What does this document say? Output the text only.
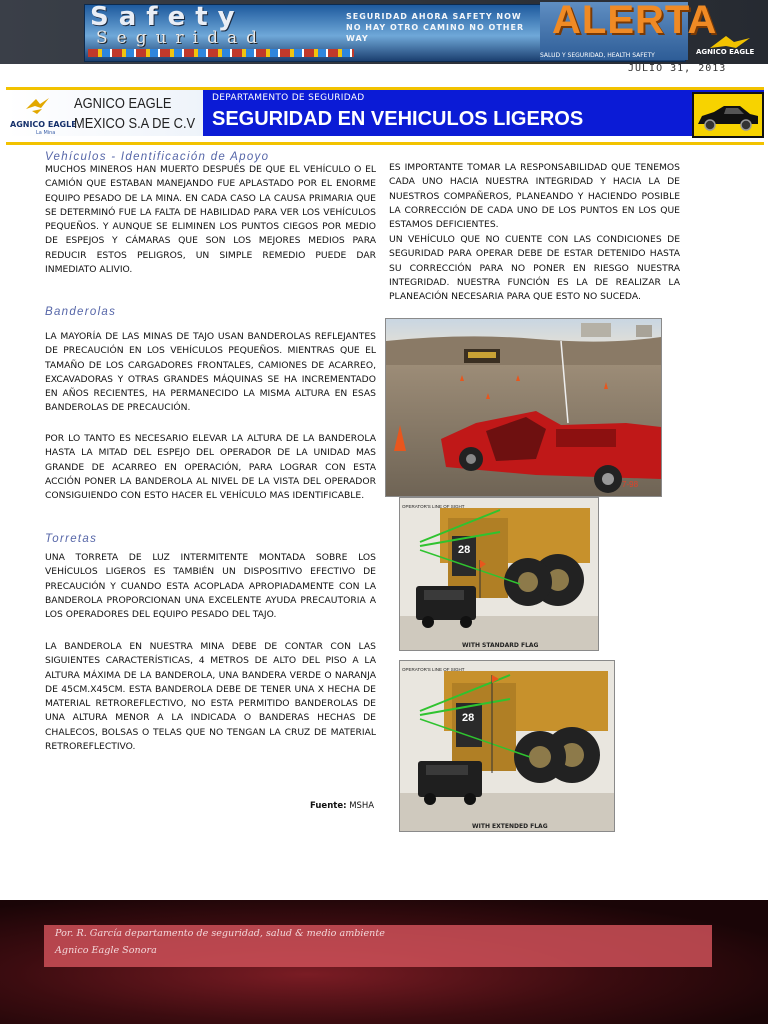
Safety
Seguridad
SEGURIDAD AHORA SAFETY NOW
NO HAY OTRO CAMINO NO OTHER WAY	ALERTA
SALUD Y SEGURIDAD, HEALTH SAFETY	AGNICO EAGLE
JULIO 31, 2013
AGNICO EAGLE
La Mina
AGNICO EAGLE
MEXICO S.A DE C.V
DEPARTAMENTO DE SEGURIDAD
SEGURIDAD EN VEHICULOS LIGEROS
Vehículos - Identificación de Apoyo
MUCHOS MINEROS HAN MUERTO DESPUÉS DE QUE EL VEHÍCULO O EL CAMIÓN QUE ESTABAN MANEJANDO FUE APLASTADO POR EL ENORME EQUIPO PESADO DE LA MINA. EN CADA CASO LA CAUSA PRIMARIA QUE SE DETERMINÓ FUE LA FALTA DE HABILIDAD PARA VER LOS VEHÍCULOS PEQUEÑOS. Y AUNQUE SE ELIMINEN LOS PUNTOS CIEGOS POR MEDIO DE ESPEJOS Y CÁMARAS QUE SON LOS MEJORES MEDIOS PARA REDUCIR ESTOS PELIGROS, UN SIMPLE REMEDIO PUEDE DAR INMEDIATO ALIVIO.
Banderolas
LA MAYORÍA DE LAS MINAS DE TAJO USAN BANDEROLAS REFLEJANTES DE PRECAUCIÓN EN LOS VEHÍCULOS PEQUEÑOS. MIENTRAS QUE EL TAMAÑO DE LOS CARGADORES FRONTALES, CAMIONES DE ACARREO, EXCAVADORAS Y OTRAS GRANDES MÁQUINAS SE HA INCREMENTADO EN AÑOS RECIENTES, HA PERMANECIDO LA MISMA ALTURA EN ESAS BANDEROLAS DE PRECAUCIÓN.
POR LO TANTO ES NECESARIO ELEVAR LA ALTURA DE LA BANDEROLA HASTA LA MITAD DEL ESPEJO DEL OPERADOR DE LA UNIDAD MAS GRANDE DE ACARREO EN OPERACIÓN, PARA LOGRAR CON ESTA ACCIÓN PONER LA BANDEROLA AL NIVEL DE LA VISTA DEL OPERADOR CONSIGUIENDO CON ESTO HACER EL VEHÍCULO MAS IDENTIFICABLE.
Torretas
UNA TORRETA DE LUZ INTERMITENTE MONTADA SOBRE LOS VEHÍCULOS LIGEROS ES TAMBIÉN UN DISPOSITIVO EFECTIVO DE PRECAUCIÓN Y CUANDO ESTA ACOPLADA APROPIADAMENTE CON LA BANDEROLA PROPORCIONAN UNA EXCELENTE AYUDA PRECAUTORIA A LOS OPERADORES DEL EQUIPO PESADO DEL TAJO.
LA BANDEROLA EN NUESTRA MINA DEBE DE CONTAR CON LAS SIGUIENTES CARACTERÍSTICAS, 4 METROS DE ALTO DEL PISO A LA ALTURA MÁXIMA DE LA BANDEROLA, UNA BANDERA VERDE O NARANJA DE 45CM.X45CM. ESTA BANDEROLA DEBE DE TENER UNA X HECHA DE MATERIAL RETROREFLECTIVO, NO ESTA PERMITIDO BANDEROLAS DE UNA ALTURA MENOR A LA INDICADA O BANDERAS HECHAS DE CHALECOS, BOLSAS O TELAS QUE NO TENGAN LA CRUZ DE MATERIAL RETROREFLECTIVO.
Fuente: MSHA
ES IMPORTANTE TOMAR LA RESPONSABILIDAD QUE TENEMOS CADA UNO HACIA NUESTRA INTEGRIDAD Y HACIA LA DE NUESTROS COMPAÑEROS, PLANEANDO Y HACIENDO POSIBLE LA CORRECCIÓN DE CADA UNO DE LOS PUNTOS EN LOS QUE ESTAMOS DEFICIENTES.
UN VEHÍCULO QUE NO CUENTE CON LAS CONDICIONES DE SEGURIDAD PARA OPERAR DEBE DE ESTAR DETENIDO HASTA SU CORRECCIÓN PARA NO PONER EN RIESGO NUESTRA INTEGRIDAD. NUESTRA FUNCIÓN ES LA DE REALIZAR LA PLANEACIÓN NECESARIA PARA QUE ESTO NO SUCEDA.
7-98
28
OPERATOR'S LINE OF SIGHT
WITH STANDARD FLAG
28
OPERATOR'S LINE OF SIGHT
WITH EXTENDED FLAG
Por. R. García departamento de seguridad, salud & medio ambiente
Agnico Eagle Sonora
